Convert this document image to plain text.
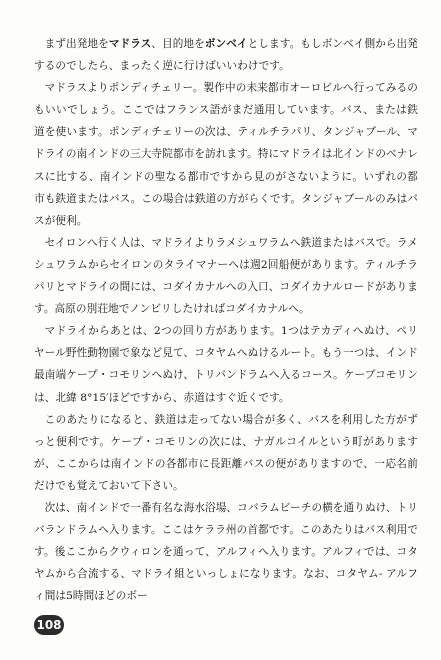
まず出発地をマドラス、目的地をボンベイとします。もしボンベイ側から出発するのでしたら、まったく逆に行けばいいわけです。

マドラスよりポンディチェリー。製作中の未来都市オーロビルへ行ってみるのもいいでしょう。ここではフランス語がまだ通用しています。バス、または鉄道を使います。ポンディチェリーの次は、ティルチラパリ、タンジャブール、マドライの南インドの三大寺院都市を訪れます。特にマドライは北インドのベナレスに比する、南インドの聖なる都市ですから見のがさないように。いずれの都市も鉄道またはバス。この場合は鉄道の方がらくです。タンジャブールのみはバスが便利。

セイロンへ行く人は、マドライよりラメシュワラムへ鉄道またはバスで。ラメシュワラムからセイロンのタライマナーへは週2回船便があります。ティルチラパリとマドライの間には、コダイカナルへの入口、コダイカナルロードがあります。高原の別荘地でノンビリしたければコダイカナルへ。

マドライからあとは、2つの回り方があります。1つはテカディへぬけ、ペリヤール野性動物園で象など見て、コタヤムへぬけるルート。もう一つは、インド最南端ケープ・コモリンへぬけ、トリバンドラムへ入るコース。ケープコモリンは、北緯 8°15′ほどですから、赤道はすぐ近くです。

このあたりになると、鉄道は走ってない場合が多く、バスを利用した方がずっと便利です。ケープ・コモリンの次には、ナガルコイルという町がありますが、ここからは南インドの各都市に長距離バスの便がありますので、一応名前だけでも覚えておいて下さい。

次は、南インドで一番有名な海水浴場、コバラムビーチの横を通りぬけ、トリバランドラムへ入ります。ここはケララ州の首都です。このあたりはバス利用です。後ここからクウィロンを通って、アルフィへ入ります。アルフィでは、コタヤムから合流する、マドライ組といっしょになります。なお、コタヤム- アルフィ間は5時間ほどのボー

108
